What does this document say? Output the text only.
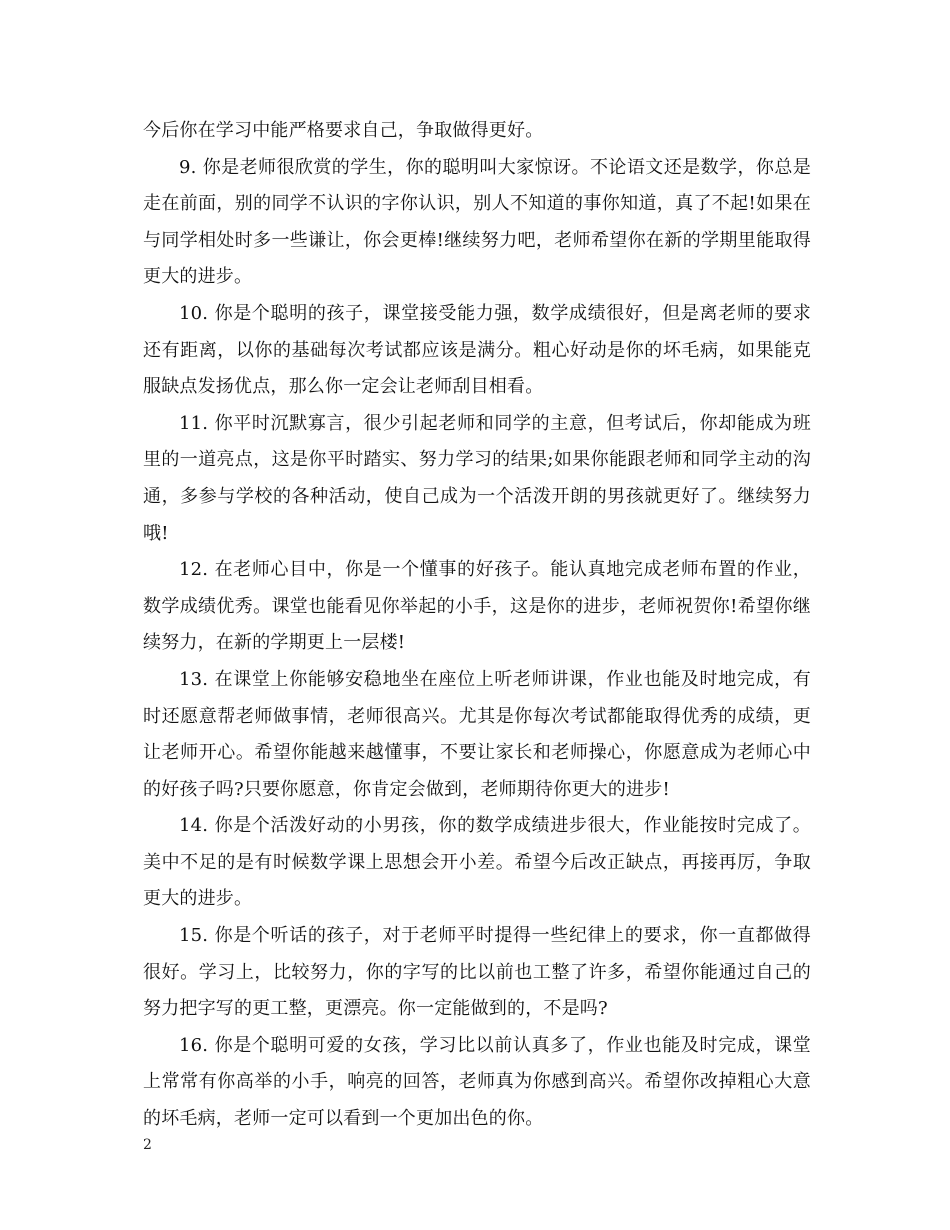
今后你在学习中能严格要求自己，争取做得更好。

9. 你是老师很欣赏的学生，你的聪明叫大家惊讶。不论语文还是数学，你总是走在前面，别的同学不认识的字你认识，别人不知道的事你知道，真了不起!如果在与同学相处时多一些谦让，你会更棒!继续努力吧，老师希望你在新的学期里能取得更大的进步。

10. 你是个聪明的孩子，课堂接受能力强，数学成绩很好，但是离老师的要求还有距离，以你的基础每次考试都应该是满分。粗心好动是你的坏毛病，如果能克服缺点发扬优点，那么你一定会让老师刮目相看。

11. 你平时沉默寡言，很少引起老师和同学的主意，但考试后，你却能成为班里的一道亮点，这是你平时踏实、努力学习的结果;如果你能跟老师和同学主动的沟通，多参与学校的各种活动，使自己成为一个活泼开朗的男孩就更好了。继续努力哦!

12. 在老师心目中，你是一个懂事的好孩子。能认真地完成老师布置的作业，数学成绩优秀。课堂也能看见你举起的小手，这是你的进步，老师祝贺你!希望你继续努力，在新的学期更上一层楼!

13. 在课堂上你能够安稳地坐在座位上听老师讲课，作业也能及时地完成，有时还愿意帮老师做事情，老师很高兴。尤其是你每次考试都能取得优秀的成绩，更让老师开心。希望你能越来越懂事，不要让家长和老师操心，你愿意成为老师心中的好孩子吗?只要你愿意，你肯定会做到，老师期待你更大的进步!

14. 你是个活泼好动的小男孩，你的数学成绩进步很大，作业能按时完成了。美中不足的是有时候数学课上思想会开小差。希望今后改正缺点，再接再厉，争取更大的进步。

15. 你是个听话的孩子，对于老师平时提得一些纪律上的要求，你一直都做得很好。学习上，比较努力，你的字写的比以前也工整了许多，希望你能通过自己的努力把字写的更工整，更漂亮。你一定能做到的，不是吗?

16. 你是个聪明可爱的女孩，学习比以前认真多了，作业也能及时完成，课堂上常常有你高举的小手，响亮的回答，老师真为你感到高兴。希望你改掉粗心大意的坏毛病，老师一定可以看到一个更加出色的你。

2
